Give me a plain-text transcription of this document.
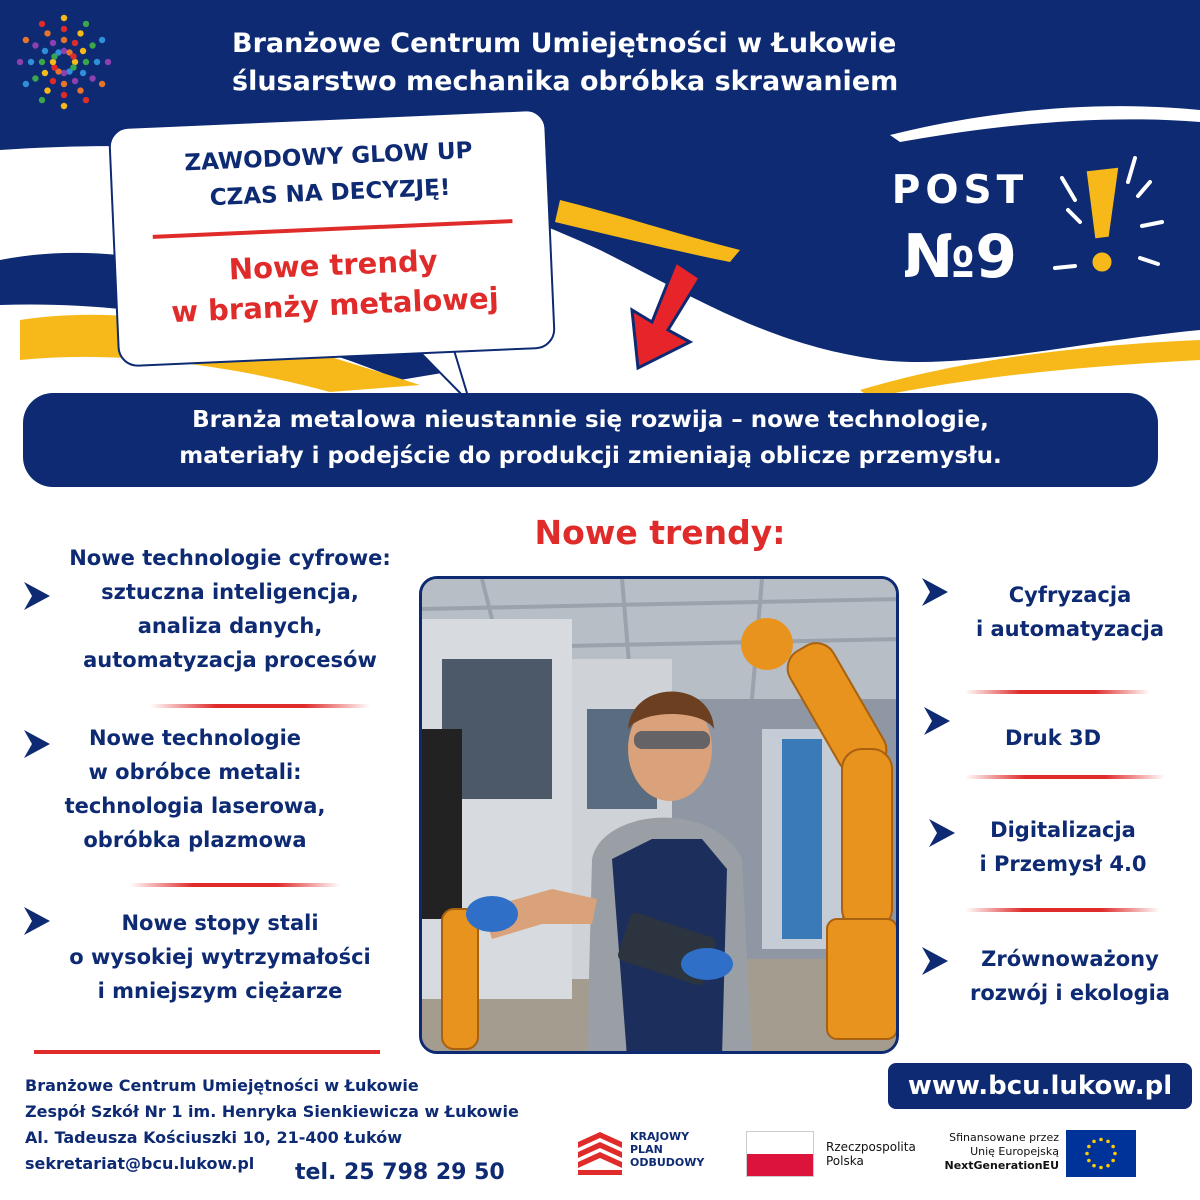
Branżowe Centrum Umiejętności w Łukowie
ślusarstwo mechanika obróbka skrawaniem
ZAWODOWY GLOW UP
CZAS NA DECYZJĘ!
Nowe trendy
w branży metalowej
POST
№9
Branża metalowa nieustannie się rozwija – nowe technologie,
materiały i podejście do produkcji zmieniają oblicze przemysłu.
Nowe trendy:
Nowe technologie cyfrowe:
sztuczna inteligencja,
analiza danych,
automatyzacja procesów
Nowe technologie
w obróbce metali:
technologia laserowa,
obróbka plazmowa
Nowe stopy stali
o wysokiej wytrzymałości
i mniejszym ciężarze
Cyfryzacja
i automatyzacja
Druk 3D
Digitalizacja
i Przemysł 4.0
Zrównoważony
rozwój i ekologia
www.bcu.lukow.pl
Branżowe Centrum Umiejętności w Łukowie
Zespół Szkół Nr 1 im. Henryka Sienkiewicza w Łukowie
Al. Tadeusza Kościuszki 10, 21-400 Łuków
sekretariat@bcu.lukow.pl tel. 25 798 29 50
KRAJOWY
PLAN
ODBUDOWY
Rzeczpospolita
Polska
Sfinansowane przez
Unię Europejską
NextGenerationEU
